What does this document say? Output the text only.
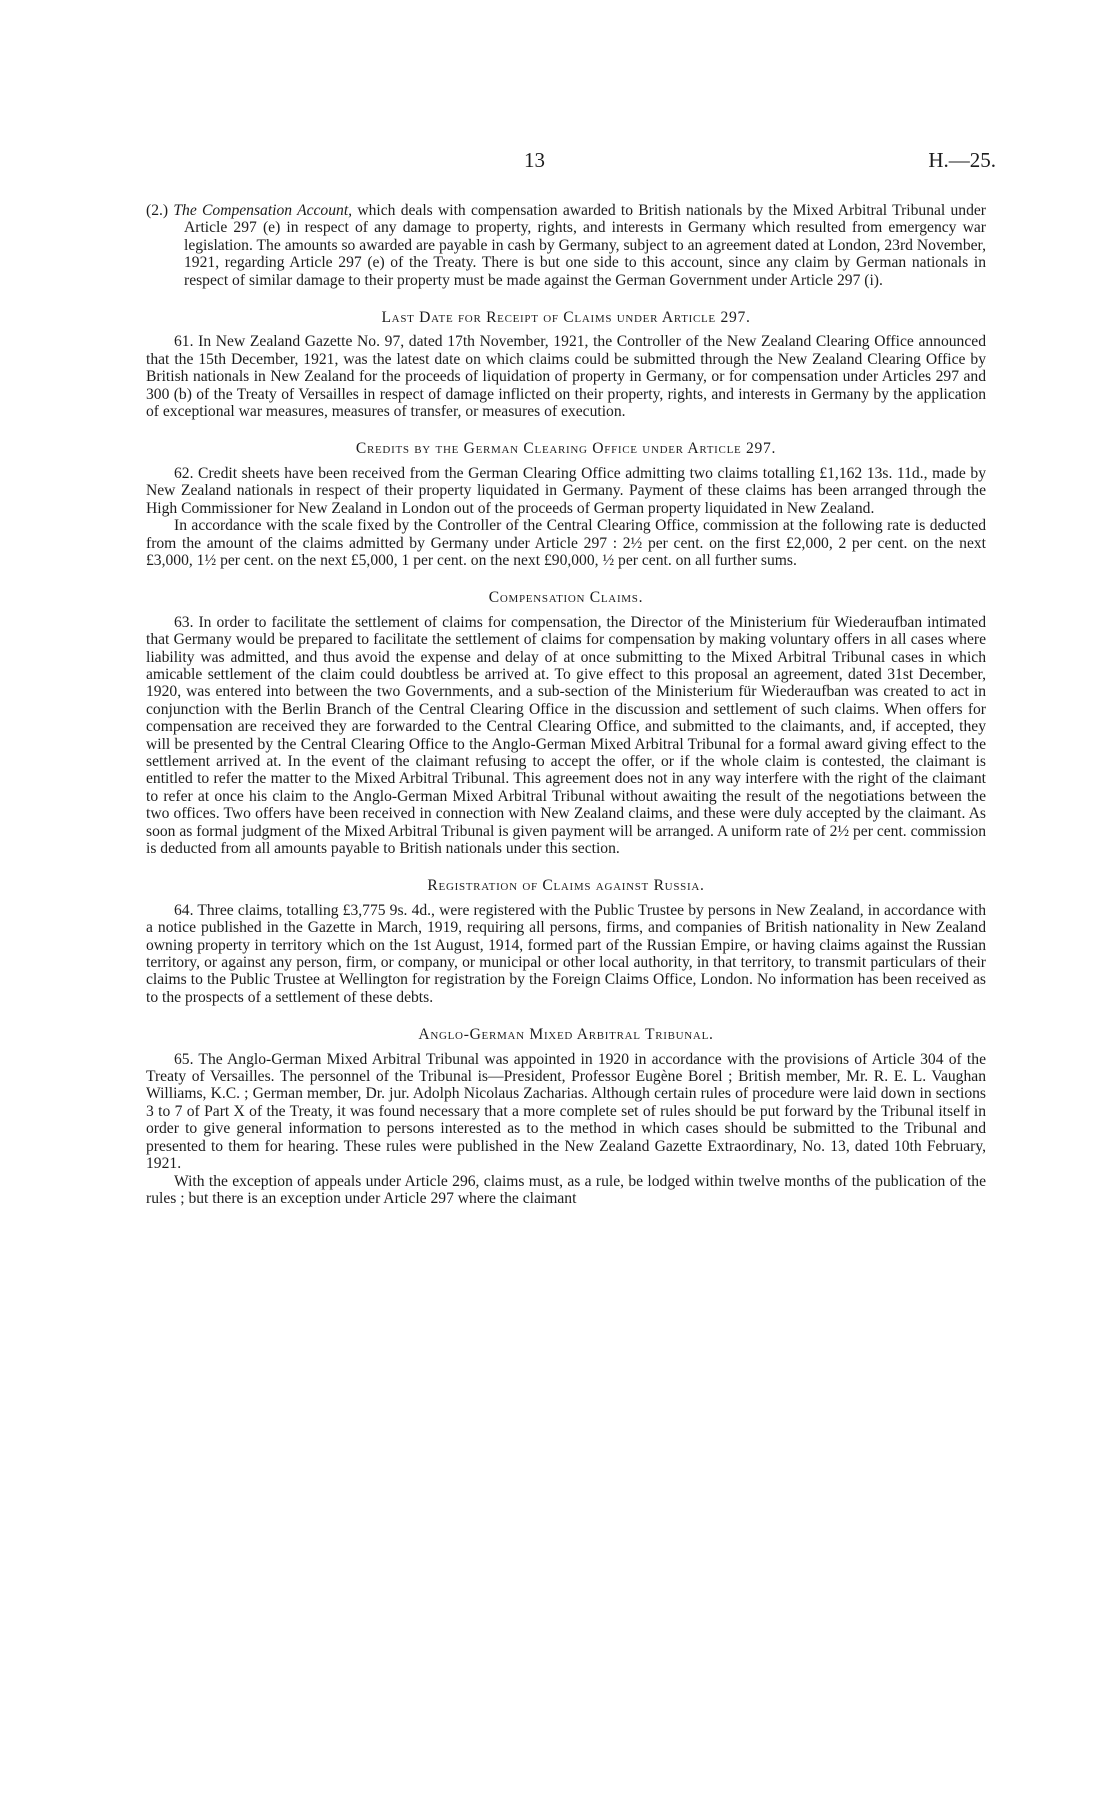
13	H.—25.

(2.) The Compensation Account, which deals with compensation awarded to British nationals by the Mixed Arbitral Tribunal under Article 297 (e) in respect of any damage to property, rights, and interests in Germany which resulted from emergency war legislation. The amounts so awarded are payable in cash by Germany, subject to an agreement dated at London, 23rd November, 1921, regarding Article 297 (e) of the Treaty. There is but one side to this account, since any claim by German nationals in respect of similar damage to their property must be made against the German Government under Article 297 (i).

Last Date for Receipt of Claims under Article 297.

61. In New Zealand Gazette No. 97, dated 17th November, 1921, the Controller of the New Zealand Clearing Office announced that the 15th December, 1921, was the latest date on which claims could be submitted through the New Zealand Clearing Office by British nationals in New Zealand for the proceeds of liquidation of property in Germany, or for compensation under Articles 297 and 300 (b) of the Treaty of Versailles in respect of damage inflicted on their property, rights, and interests in Germany by the application of exceptional war measures, measures of transfer, or measures of execution.

Credits by the German Clearing Office under Article 297.

62. Credit sheets have been received from the German Clearing Office admitting two claims totalling £1,162 13s. 11d., made by New Zealand nationals in respect of their property liquidated in Germany. Payment of these claims has been arranged through the High Commissioner for New Zealand in London out of the proceeds of German property liquidated in New Zealand.

In accordance with the scale fixed by the Controller of the Central Clearing Office, commission at the following rate is deducted from the amount of the claims admitted by Germany under Article 297 : 2½ per cent. on the first £2,000, 2 per cent. on the next £3,000, 1½ per cent. on the next £5,000, 1 per cent. on the next £90,000, ½ per cent. on all further sums.

Compensation Claims.

63. In order to facilitate the settlement of claims for compensation, the Director of the Ministerium für Wiederaufban intimated that Germany would be prepared to facilitate the settlement of claims for compensation by making voluntary offers in all cases where liability was admitted, and thus avoid the expense and delay of at once submitting to the Mixed Arbitral Tribunal cases in which amicable settlement of the claim could doubtless be arrived at. To give effect to this proposal an agreement, dated 31st December, 1920, was entered into between the two Governments, and a sub-section of the Ministerium für Wiederaufban was created to act in conjunction with the Berlin Branch of the Central Clearing Office in the discussion and settlement of such claims. When offers for compensation are received they are forwarded to the Central Clearing Office, and submitted to the claimants, and, if accepted, they will be presented by the Central Clearing Office to the Anglo-German Mixed Arbitral Tribunal for a formal award giving effect to the settlement arrived at. In the event of the claimant refusing to accept the offer, or if the whole claim is contested, the claimant is entitled to refer the matter to the Mixed Arbitral Tribunal. This agreement does not in any way interfere with the right of the claimant to refer at once his claim to the Anglo-German Mixed Arbitral Tribunal without awaiting the result of the negotiations between the two offices. Two offers have been received in connection with New Zealand claims, and these were duly accepted by the claimant. As soon as formal judgment of the Mixed Arbitral Tribunal is given payment will be arranged. A uniform rate of 2½ per cent. commission is deducted from all amounts payable to British nationals under this section.

Registration of Claims against Russia.

64. Three claims, totalling £3,775 9s. 4d., were registered with the Public Trustee by persons in New Zealand, in accordance with a notice published in the Gazette in March, 1919, requiring all persons, firms, and companies of British nationality in New Zealand owning property in territory which on the 1st August, 1914, formed part of the Russian Empire, or having claims against the Russian territory, or against any person, firm, or company, or municipal or other local authority, in that territory, to transmit particulars of their claims to the Public Trustee at Wellington for registration by the Foreign Claims Office, London. No information has been received as to the prospects of a settlement of these debts.

Anglo-German Mixed Arbitral Tribunal.

65. The Anglo-German Mixed Arbitral Tribunal was appointed in 1920 in accordance with the provisions of Article 304 of the Treaty of Versailles. The personnel of the Tribunal is—President, Professor Eugène Borel ; British member, Mr. R. E. L. Vaughan Williams, K.C. ; German member, Dr. jur. Adolph Nicolaus Zacharias. Although certain rules of procedure were laid down in sections 3 to 7 of Part X of the Treaty, it was found necessary that a more complete set of rules should be put forward by the Tribunal itself in order to give general information to persons interested as to the method in which cases should be submitted to the Tribunal and presented to them for hearing. These rules were published in the New Zealand Gazette Extraordinary, No. 13, dated 10th February, 1921.

With the exception of appeals under Article 296, claims must, as a rule, be lodged within twelve months of the publication of the rules ; but there is an exception under Article 297 where the claimant
